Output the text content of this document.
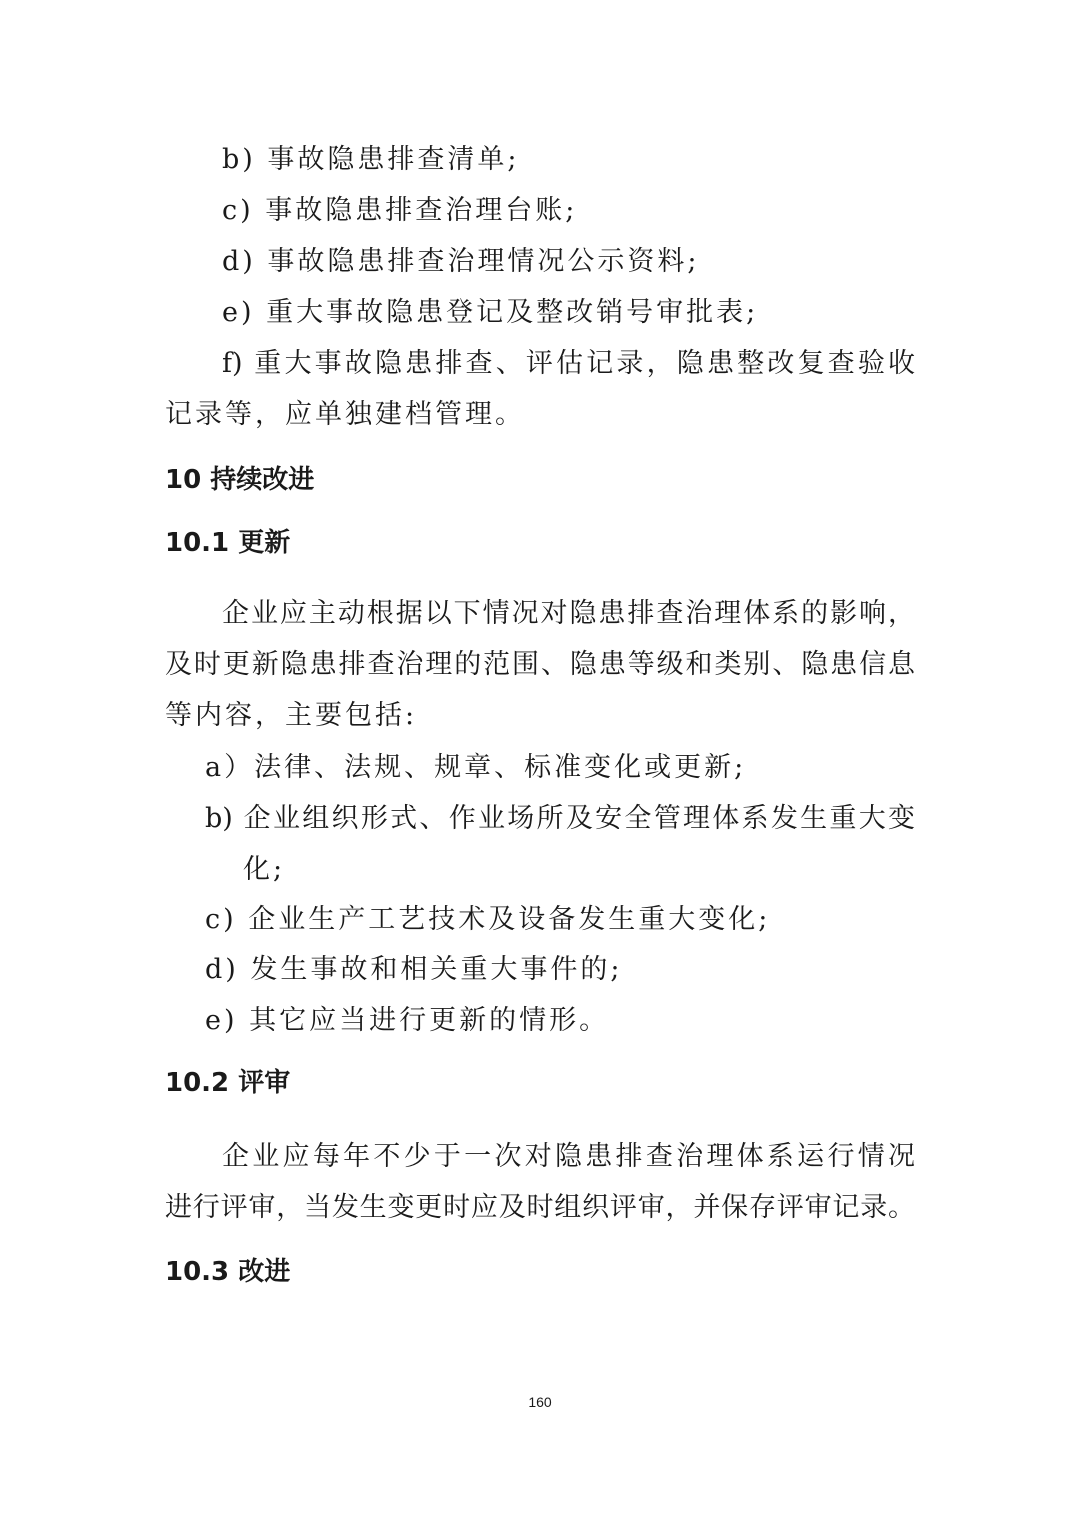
b) 事故隐患排查清单;
c) 事故隐患排查治理台账;
d) 事故隐患排查治理情况公示资料;
e) 重大事故隐患登记及整改销号审批表;
f) 重大事故隐患排查、评估记录，隐患整改复查验收
记录等，应单独建档管理。
10 持续改进
10.1 更新
企业应主动根据以下情况对隐患排查治理体系的影响，
及时更新隐患排查治理的范围、隐患等级和类别、隐患信息
等内容，主要包括:
a）法律、法规、规章、标准变化或更新;
b) 企业组织形式、作业场所及安全管理体系发生重大变
化;
c) 企业生产工艺技术及设备发生重大变化;
d) 发生事故和相关重大事件的;
e) 其它应当进行更新的情形。
10.2 评审
企业应每年不少于一次对隐患排查治理体系运行情况
进行评审，当发生变更时应及时组织评审，并保存评审记录。
10.3 改进
160
